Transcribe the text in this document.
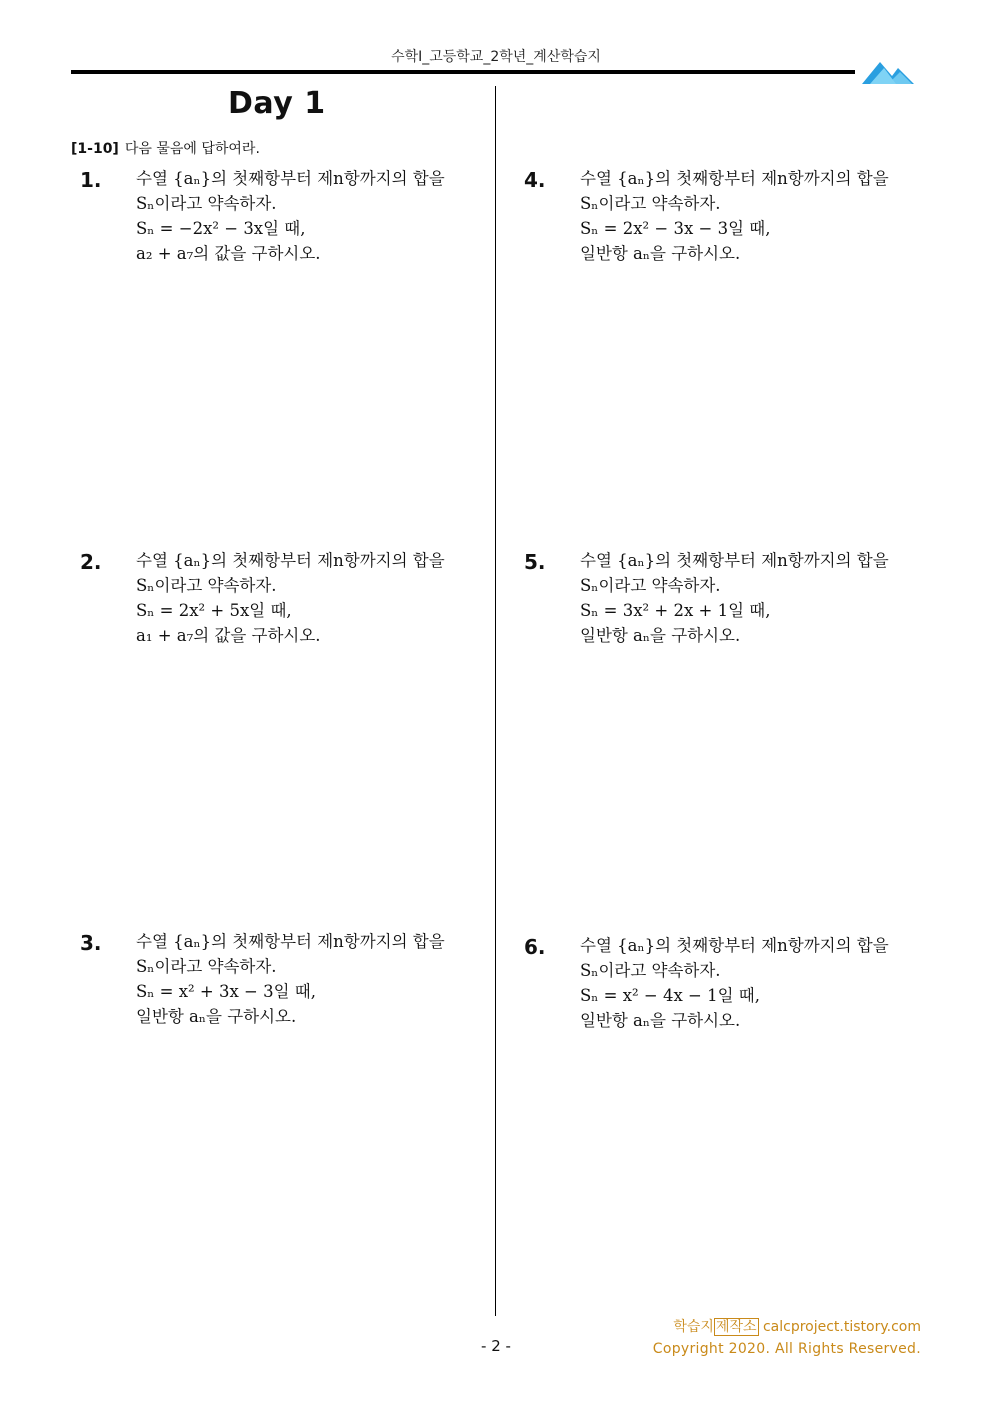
수학I_고등학교_2학년_계산학습지
Day 1
[1-10] 다음 물음에 답하여라.
1. 수열 {aₙ}의 첫째항부터 제n항까지의 합을
Sₙ이라고 약속하자.
Sₙ = −2x² − 3x일 때,
a₂ + a₇의 값을 구하시오.
2. 수열 {aₙ}의 첫째항부터 제n항까지의 합을
Sₙ이라고 약속하자.
Sₙ = 2x² + 5x일 때,
a₁ + a₇의 값을 구하시오.
3. 수열 {aₙ}의 첫째항부터 제n항까지의 합을
Sₙ이라고 약속하자.
Sₙ = x² + 3x − 3일 때,
일반항 aₙ을 구하시오.
4. 수열 {aₙ}의 첫째항부터 제n항까지의 합을
Sₙ이라고 약속하자.
Sₙ = 2x² − 3x − 3일 때,
일반항 aₙ을 구하시오.
5. 수열 {aₙ}의 첫째항부터 제n항까지의 합을
Sₙ이라고 약속하자.
Sₙ = 3x² + 2x + 1일 때,
일반항 aₙ을 구하시오.
6. 수열 {aₙ}의 첫째항부터 제n항까지의 합을
Sₙ이라고 약속하자.
Sₙ = x² − 4x − 1일 때,
일반항 aₙ을 구하시오.
학습지 제작소 calcproject.tistory.com
Copyright 2020. All Rights Reserved.
- 2 -
